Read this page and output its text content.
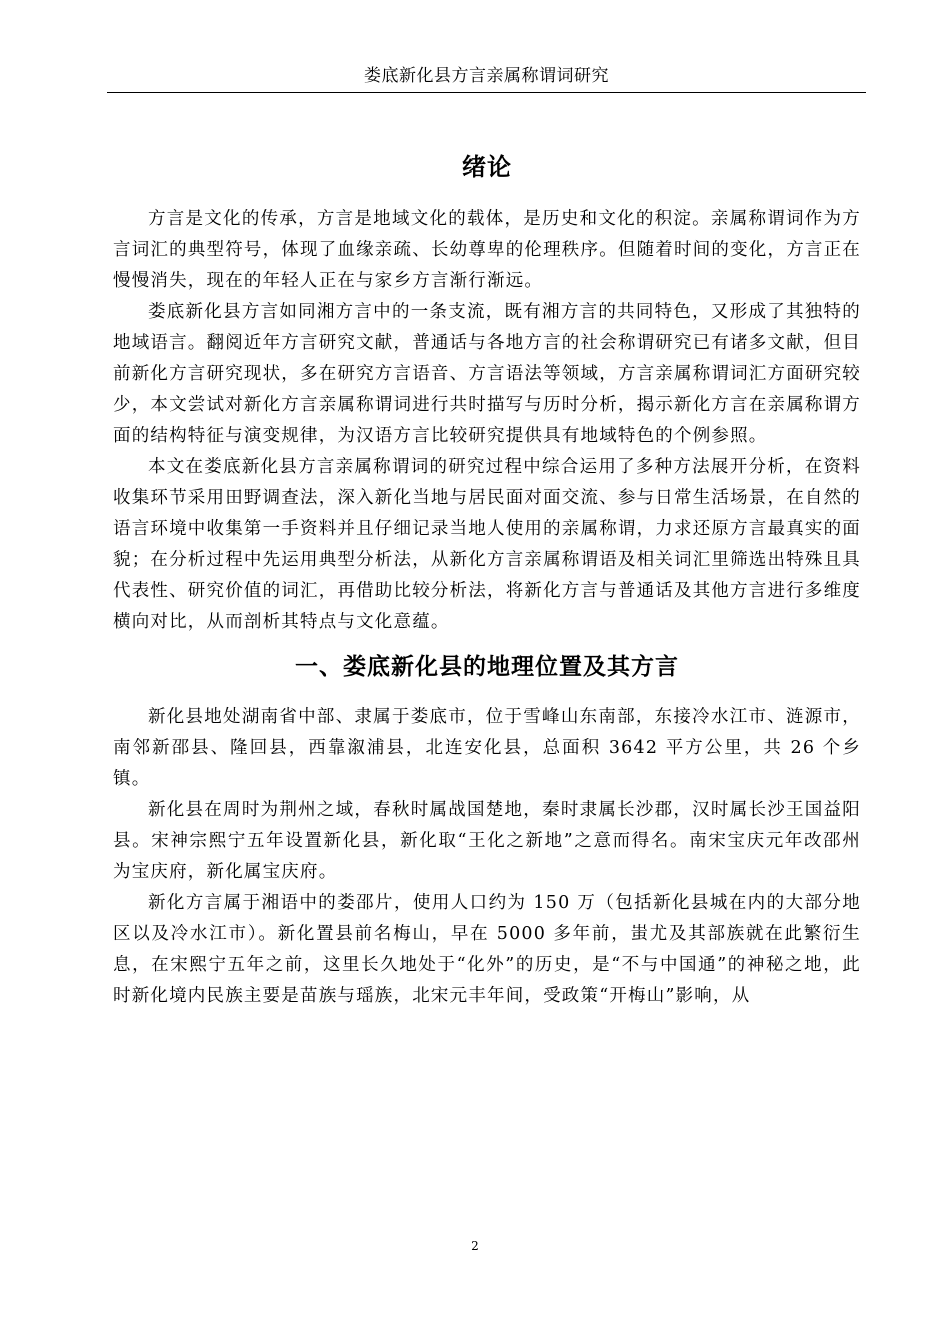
娄底新化县方言亲属称谓词研究
绪论

方言是文化的传承，方言是地域文化的载体，是历史和文化的积淀。亲属称谓词作为方言词汇的典型符号，体现了血缘亲疏、长幼尊卑的伦理秩序。但随着时间的变化，方言正在慢慢消失，现在的年轻人正在与家乡方言渐行渐远。

娄底新化县方言如同湘方言中的一条支流，既有湘方言的共同特色，又形成了其独特的地域语言。翻阅近年方言研究文献，普通话与各地方言的社会称谓研究已有诸多文献，但目前新化方言研究现状，多在研究方言语音、方言语法等领域，方言亲属称谓词汇方面研究较少，本文尝试对新化方言亲属称谓词进行共时描写与历时分析，揭示新化方言在亲属称谓方面的结构特征与演变规律，为汉语方言比较研究提供具有地域特色的个例参照。

本文在娄底新化县方言亲属称谓词的研究过程中综合运用了多种方法展开分析，在资料收集环节采用田野调查法，深入新化当地与居民面对面交流、参与日常生活场景，在自然的语言环境中收集第一手资料并且仔细记录当地人使用的亲属称谓，力求还原方言最真实的面貌；在分析过程中先运用典型分析法，从新化方言亲属称谓语及相关词汇里筛选出特殊且具代表性、研究价值的词汇，再借助比较分析法，将新化方言与普通话及其他方言进行多维度横向对比，从而剖析其特点与文化意蕴。

一、娄底新化县的地理位置及其方言

新化县地处湖南省中部、隶属于娄底市，位于雪峰山东南部，东接冷水江市、涟源市，南邻新邵县、隆回县，西靠溆浦县，北连安化县，总面积 3642 平方公里，共 26 个乡镇。

新化县在周时为荆州之域，春秋时属战国楚地，秦时隶属长沙郡，汉时属长沙王国益阳县。宋神宗熙宁五年设置新化县，新化取“王化之新地”之意而得名。南宋宝庆元年改邵州为宝庆府，新化属宝庆府。

新化方言属于湘语中的娄邵片，使用人口约为 150 万（包括新化县城在内的大部分地区以及冷水江市）。新化置县前名梅山，早在 5000 多年前，蚩尤及其部族就在此繁衍生息，在宋熙宁五年之前，这里长久地处于“化外”的历史，是“不与中国通”的神秘之地，此时新化境内民族主要是苗族与瑶族，北宋元丰年间，受政策“开梅山”影响，从

2
